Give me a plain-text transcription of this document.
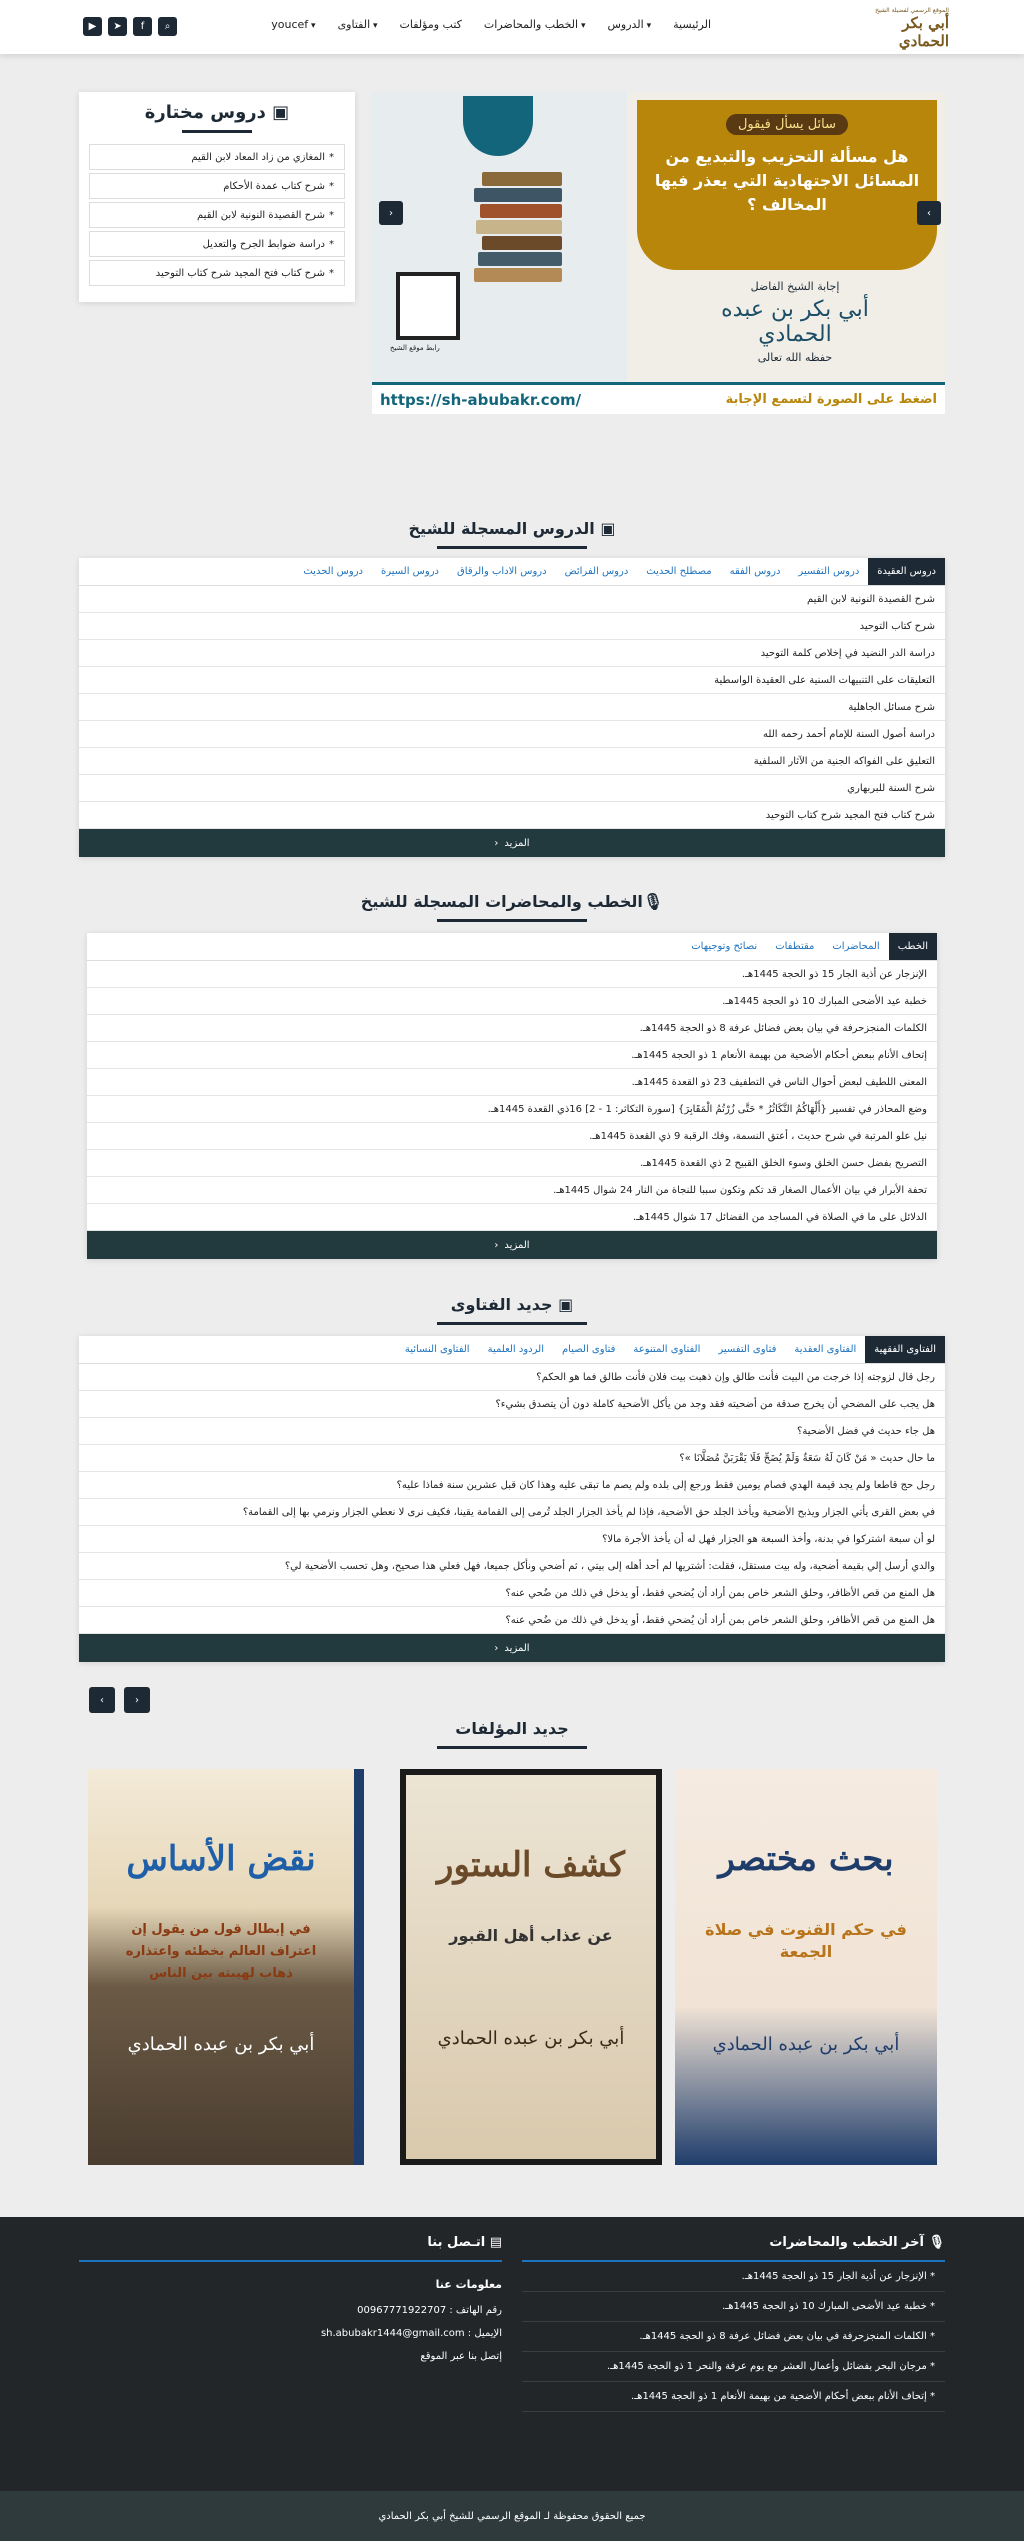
الموقع الرسمي لفضيلة الشيخ
أبي بكر الحمادي
الرئيسية
▾ الدروس
▾ الخطب والمحاضرات
كتب ومؤلفات
▾ الفتاوى
▾ youcef
⌕
f
➤
▶
رابط موقع الشيخ
سائل يسأل فيقول
هل مسألة التحزيب والتبديع من المسائل الاجتهادية التي يعذر فيها المخالف ؟
إجابة الشيخ الفاضل
أبي بكر بن عبده الحمادي
حفظه الله تعالى
اضغط على الصورة لتسمع الإجابة
https://sh-abubakr.com/
›
‹
▣ دروس مختارة
* المغازي من زاد المعاد لابن القيم
* شرح كتاب عمدة الأحكام
* شرح القصيدة النونية لابن القيم
* دراسة ضوابط الجرح والتعديل
* شرح كتاب فتح المجيد شرح كتاب التوحيد
▣ الدروس المسجلة للشيخ
دروس العقيدة
دروس التفسير
دروس الفقه
مصطلح الحديث
دروس الفرائض
دروس الاداب والرقاق
دروس السيرة
دروس الحديث
شرح القصيدة النونية لابن القيم
شرح كتاب التوحيد
دراسة الدر النضيد في إخلاص كلمة التوحيد
التعليقات على التنبيهات السنية على العقيدة الواسطية
شرح مسائل الجاهلية
دراسة أصول السنة للإمام أحمد رحمه الله
التعليق على الفواكه الجنية من الآثار السلفية
شرح السنة للبربهاري
شرح كتاب فتح المجيد شرح كتاب التوحيد
المزيد ‹
🎙الخطب والمحاضرات المسجلة للشيخ
الخطب
المحاضرات
مقتطفات
نصائح وتوجيهات
الإنزجار عن أذية الجار 15 ذو الحجة 1445هـ.
خطبة عيد الأضحى المبارك 10 ذو الحجة 1445هـ.
الكلمات المنجزحرفة في بيان بعض فضائل عرفة 8 ذو الحجة 1445هـ.
إتحاف الأنام ببعض أحكام الأضحية من بهيمة الأنعام 1 ذو الحجة 1445هـ.
المعنى اللطيف لبعض أحوال الناس في التطفيف 23 ذو القعدة 1445هـ.
وضع المحاذر في تفسير {أَلْهَاكُمُ التَّكَاثُرُ * حَتَّى زُرْتُمُ الْمَقَابِرَ} [سورة التكاثر: 1 - 2] 16ذي القعدة 1445هـ.
نيل علو المرتبة في شرح حديث ، أعتق النسمة، وفك الرقبة 9 ذي القعدة 1445هـ.
التصريح بفضل حسن الخلق وسوء الخلق القبيح 2 ذي القعدة 1445هـ.
تحفة الأبرار في بيان الأعمال الصغار قد تكم وتكون سببا للنجاة من النار 24 شوال 1445هـ.
الدلائل على ما في الصلاة في المساجد من الفضائل 17 شوال 1445هـ.
المزيد ‹
▣ جديد الفتاوى
الفتاوى الفقهية
الفتاوى العقدية
فتاوى التفسير
الفتاوى المتنوعة
فتاوى الصيام
الردود العلمية
الفتاوى النسائية
رجل قال لزوجته إذا خرجت من البيت فأنت طالق وإن ذهبت بيت فلان فأنت طالق فما هو الحكم؟
هل يجب على المضحي أن يخرج صدقة من أضحيته فقد وجد من يأكل الأضحية كاملة دون أن يتصدق بشيء؟
هل جاء حديث في فضل الأضحية؟
ما حال حديث « مَنْ كَانَ لَهُ سَعَةٌ وَلَمْ يُضَحِّ فَلَا يَقْرَبَنَّ مُصَلَّانَا »؟
رجل حج قاطعا ولم يجد قيمة الهدي فصام يومين فقط ورجع إلى بلده ولم يصم ما تبقى عليه وهذا كان قبل عشرين سنة فماذا عليه؟
في بعض القرى يأتي الجزار ويذبح الأضحية ويأخذ الجلد حق الأضحية، فإذا لم يأخذ الجزار الجلد تُرمى إلى القمامة يقينا، فكيف نرى لا نعطي الجزار ونرمي بها إلى القمامة؟
لو أن سبعة اشتركوا في بدنة، وأخذ السبعة هو الجزار فهل له أن يأخذ الأجرة مالا؟
والدي أرسل إلي بقيمة أضحية، وله بيت مستقل، فقلت: أشتريها لم أحد أهله إلى بيتي ، ثم أضحي ونأكل جميعا، فهل فعلي هذا صحيح، وهل تحسب الأضحية لي؟
هل المنع من قص الأظافر، وحلق الشعر خاص بمن أراد أن يُضحي فقط، أو يدخل في ذلك من ضُحي عنه؟
هل المنع من قص الأظافر، وحلق الشعر خاص بمن أراد أن يُضحي فقط، أو يدخل في ذلك من ضُحي عنه؟
المزيد ‹
‹
›
جديد المؤلفات
بحث مختصر
في حكم القنوت في صلاة الجمعة
أبي بكر بن عبده الحمادي
كشف الستور
عن عذاب أهل القبور
أبي بكر بن عبده الحمادي
نقض الأساس
في إبطال قول من يقول إن اعتراف العالم بخطئه واعتذاره ذهاب لهيبته بين الناس
أبي بكر بن عبده الحمادي
🎙 آخر الخطب والمحاضرات
* الإنزجار عن أذية الجار 15 ذو الحجة 1445هـ.
* خطبة عيد الأضحى المبارك 10 ذو الحجة 1445هـ.
* الكلمات المنجزحرفة في بيان بعض فضائل عرفة 8 ذو الحجة 1445هـ.
* مرجان البحر بفضائل وأعمال العشر مع يوم عرفة والنحر 1 ذو الحجة 1445هـ.
* إتحاف الأنام ببعض أحكام الأضحية من بهيمة الأنعام 1 ذو الحجة 1445هـ.
▤ اتـصل بنا
معلومات عنا
رقم الهاتف : 00967771922707
الإيميل : sh.abubakr1444@gmail.com
إتصل بنا عبر الموقع
جميع الحقوق محفوظة لـ الموقع الرسمي للشيخ أبي بكر الحمادي
